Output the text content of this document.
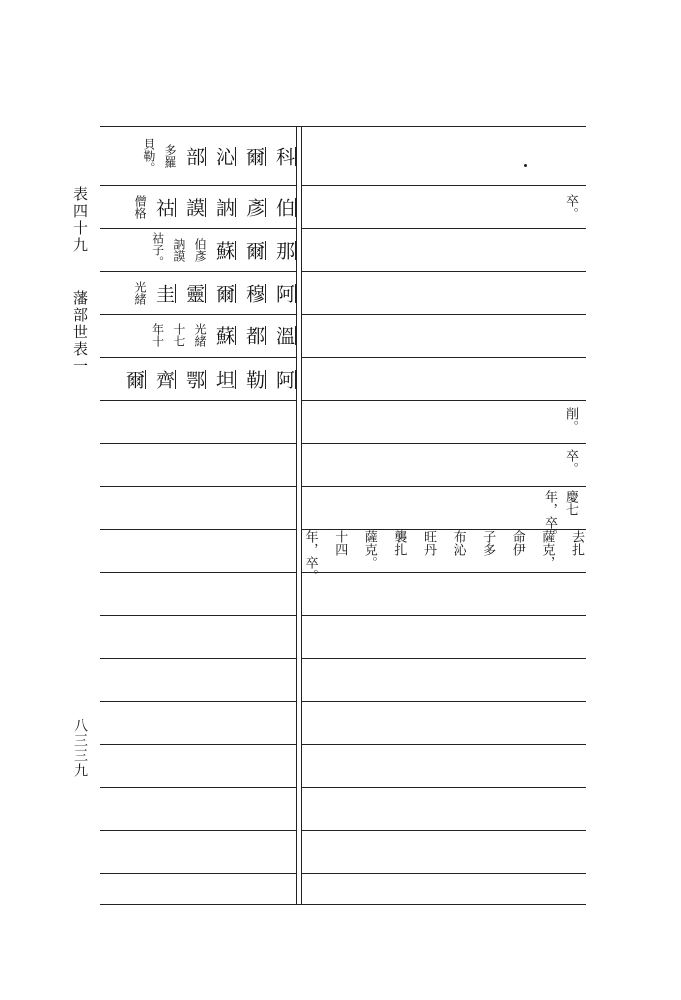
表四十九
藩部世表一
八三三九
科
爾
沁
部
多羅
貝勒。
伯
彥
訥
謨
祜
僧格
那
爾
蘇
伯彥
訥謨
祜子。
阿
穆
爾
靈
圭
光緒
溫
都
蘇
光緒
十七
年十
阿
勒
坦
鄂
齊
爾
卒。
削。
卒。
慶七
年，卒。
去扎
薩克，
命伊
子多
布沁
旺丹
襲扎
薩克。
十四
年，卒。
